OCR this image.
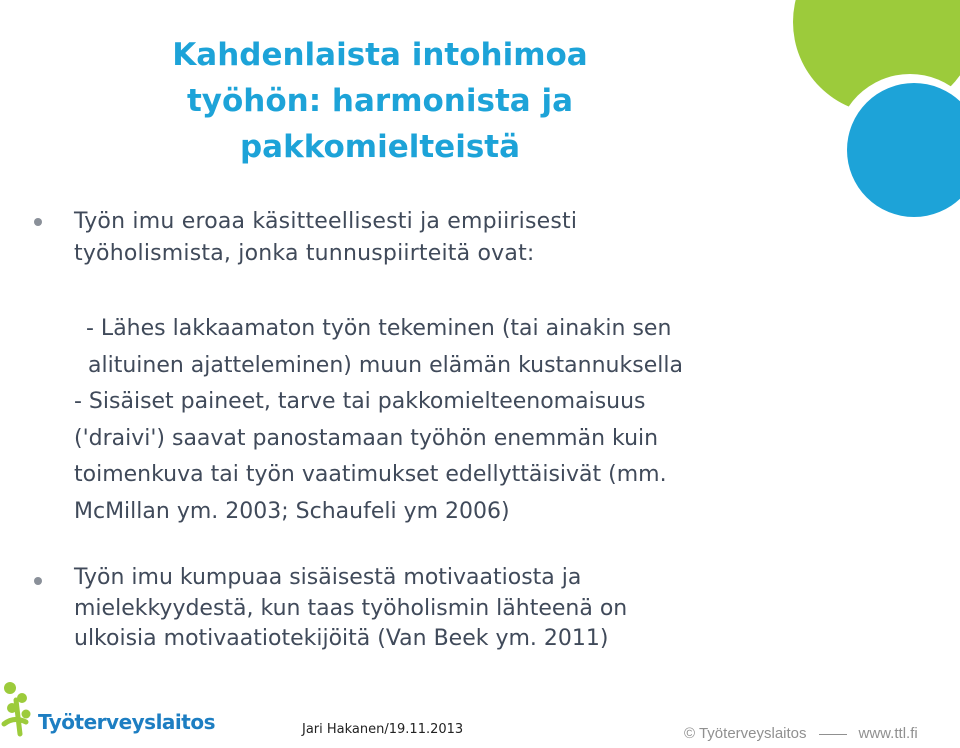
Kahdenlaista intohimoa
työhön: harmonista ja
pakkomielteistä
Työn imu eroaa käsitteellisesti ja empiirisesti
työholismista, jonka tunnuspiirteitä ovat:
- Lähes lakkaamaton työn tekeminen (tai ainakin sen
alituinen ajatteleminen) muun elämän kustannuksella
- Sisäiset paineet, tarve tai pakkomielteenomaisuus
('draivi') saavat panostamaan työhön enemmän kuin
toimenkuva tai työn vaatimukset edellyttäisivät (mm.
McMillan ym. 2003; Schaufeli ym 2006)
Työn imu kumpuaa sisäisestä motivaatiosta ja
mielekkyydestä, kun taas työholismin lähteenä on
ulkoisia motivaatiotekijöitä (Van Beek ym. 2011)
Työterveyslaitos	Jari Hakanen/19.11.2013	© Työterveyslaitos	www.ttl.fi
